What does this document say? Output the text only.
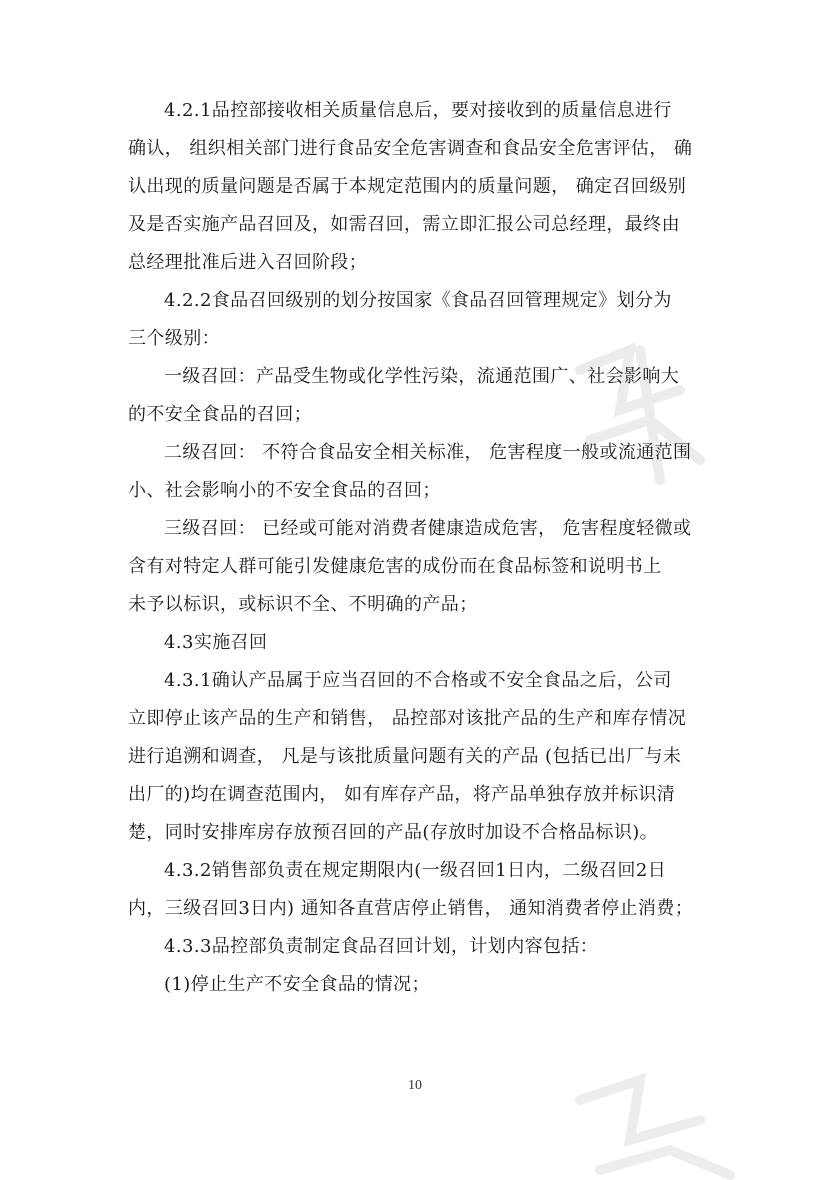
4.2.1品控部接收相关质量信息后，要对接收到的质量信息进行
确认， 组织相关部门进行食品安全危害调查和食品安全危害评估， 确
认出现的质量问题是否属于本规定范围内的质量问题， 确定召回级别
及是否实施产品召回及，如需召回，需立即汇报公司总经理，最终由
总经理批准后进入召回阶段；

4.2.2食品召回级别的划分按国家《食品召回管理规定》划分为
三个级别：

一级召回：产品受生物或化学性污染，流通范围广、社会影响大
的不安全食品的召回；

二级召回： 不符合食品安全相关标准， 危害程度一般或流通范围
小、社会影响小的不安全食品的召回；

三级召回： 已经或可能对消费者健康造成危害， 危害程度轻微或
含有对特定人群可能引发健康危害的成份而在食品标签和说明书上
未予以标识，或标识不全、不明确的产品；

4.3实施召回

4.3.1确认产品属于应当召回的不合格或不安全食品之后，公司
立即停止该产品的生产和销售， 品控部对该批产品的生产和库存情况
进行追溯和调查， 凡是与该批质量问题有关的产品 (包括已出厂与未
出厂的)均在调查范围内， 如有库存产品，将产品单独存放并标识清
楚，同时安排库房存放预召回的产品(存放时加设不合格品标识)。

4.3.2销售部负责在规定期限内(一级召回1日内，二级召回2日
内，三级召回3日内) 通知各直营店停止销售， 通知消费者停止消费；

4.3.3品控部负责制定食品召回计划，计划内容包括：

(1)停止生产不安全食品的情况；

10
